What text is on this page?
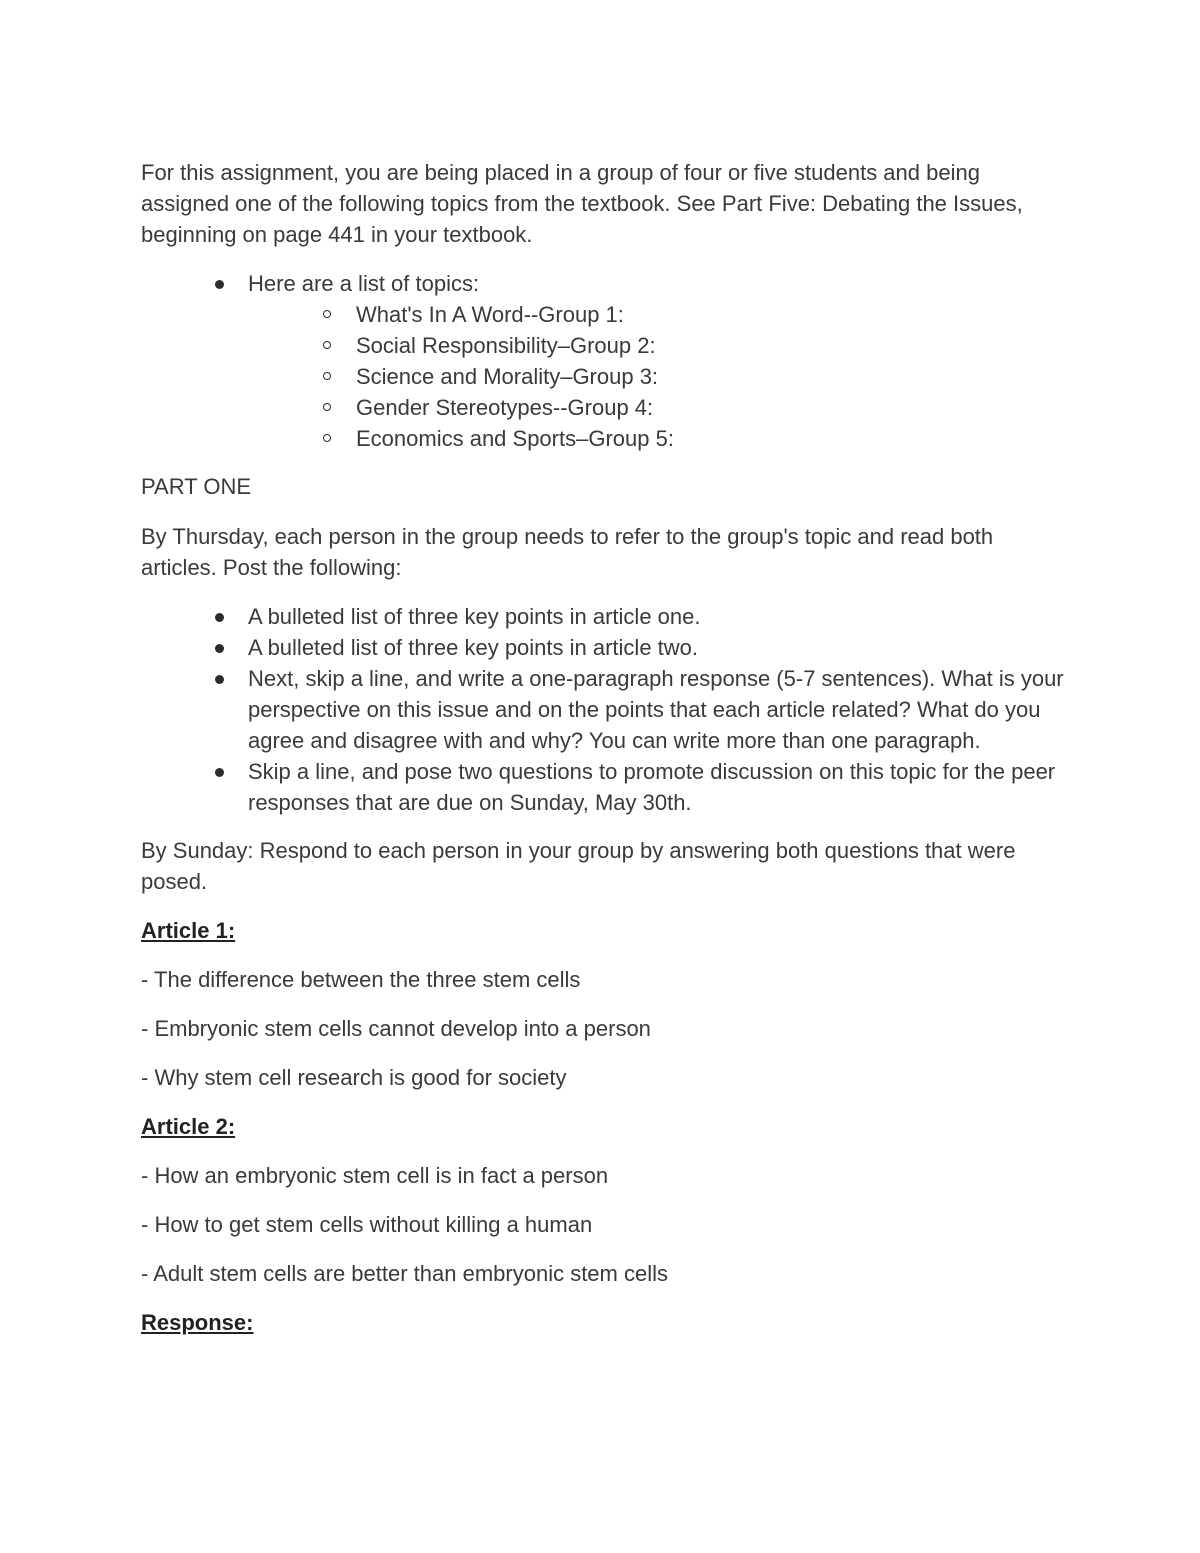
For this assignment, you are being placed in a group of four or five students and being assigned one of the following topics from the textbook. See Part Five: Debating the Issues, beginning on page 441 in your textbook.

Here are a list of topics:
What's In A Word--Group 1:
Social Responsibility–Group 2:
Science and Morality–Group 3:
Gender Stereotypes--Group 4:
Economics and Sports–Group 5:

PART ONE

By Thursday, each person in the group needs to refer to the group's topic and read both articles. Post the following:

A bulleted list of three key points in article one.
A bulleted list of three key points in article two.
Next, skip a line, and write a one-paragraph response (5-7 sentences). What is your perspective on this issue and on the points that each article related? What do you agree and disagree with and why? You can write more than one paragraph.
Skip a line, and pose two questions to promote discussion on this topic for the peer responses that are due on Sunday, May 30th.

By Sunday: Respond to each person in your group by answering both questions that were posed.

Article 1:

- The difference between the three stem cells

- Embryonic stem cells cannot develop into a person

- Why stem cell research is good for society

Article 2:

- How an embryonic stem cell is in fact a person

- How to get stem cells without killing a human

- Adult stem cells are better than embryonic stem cells

Response:
